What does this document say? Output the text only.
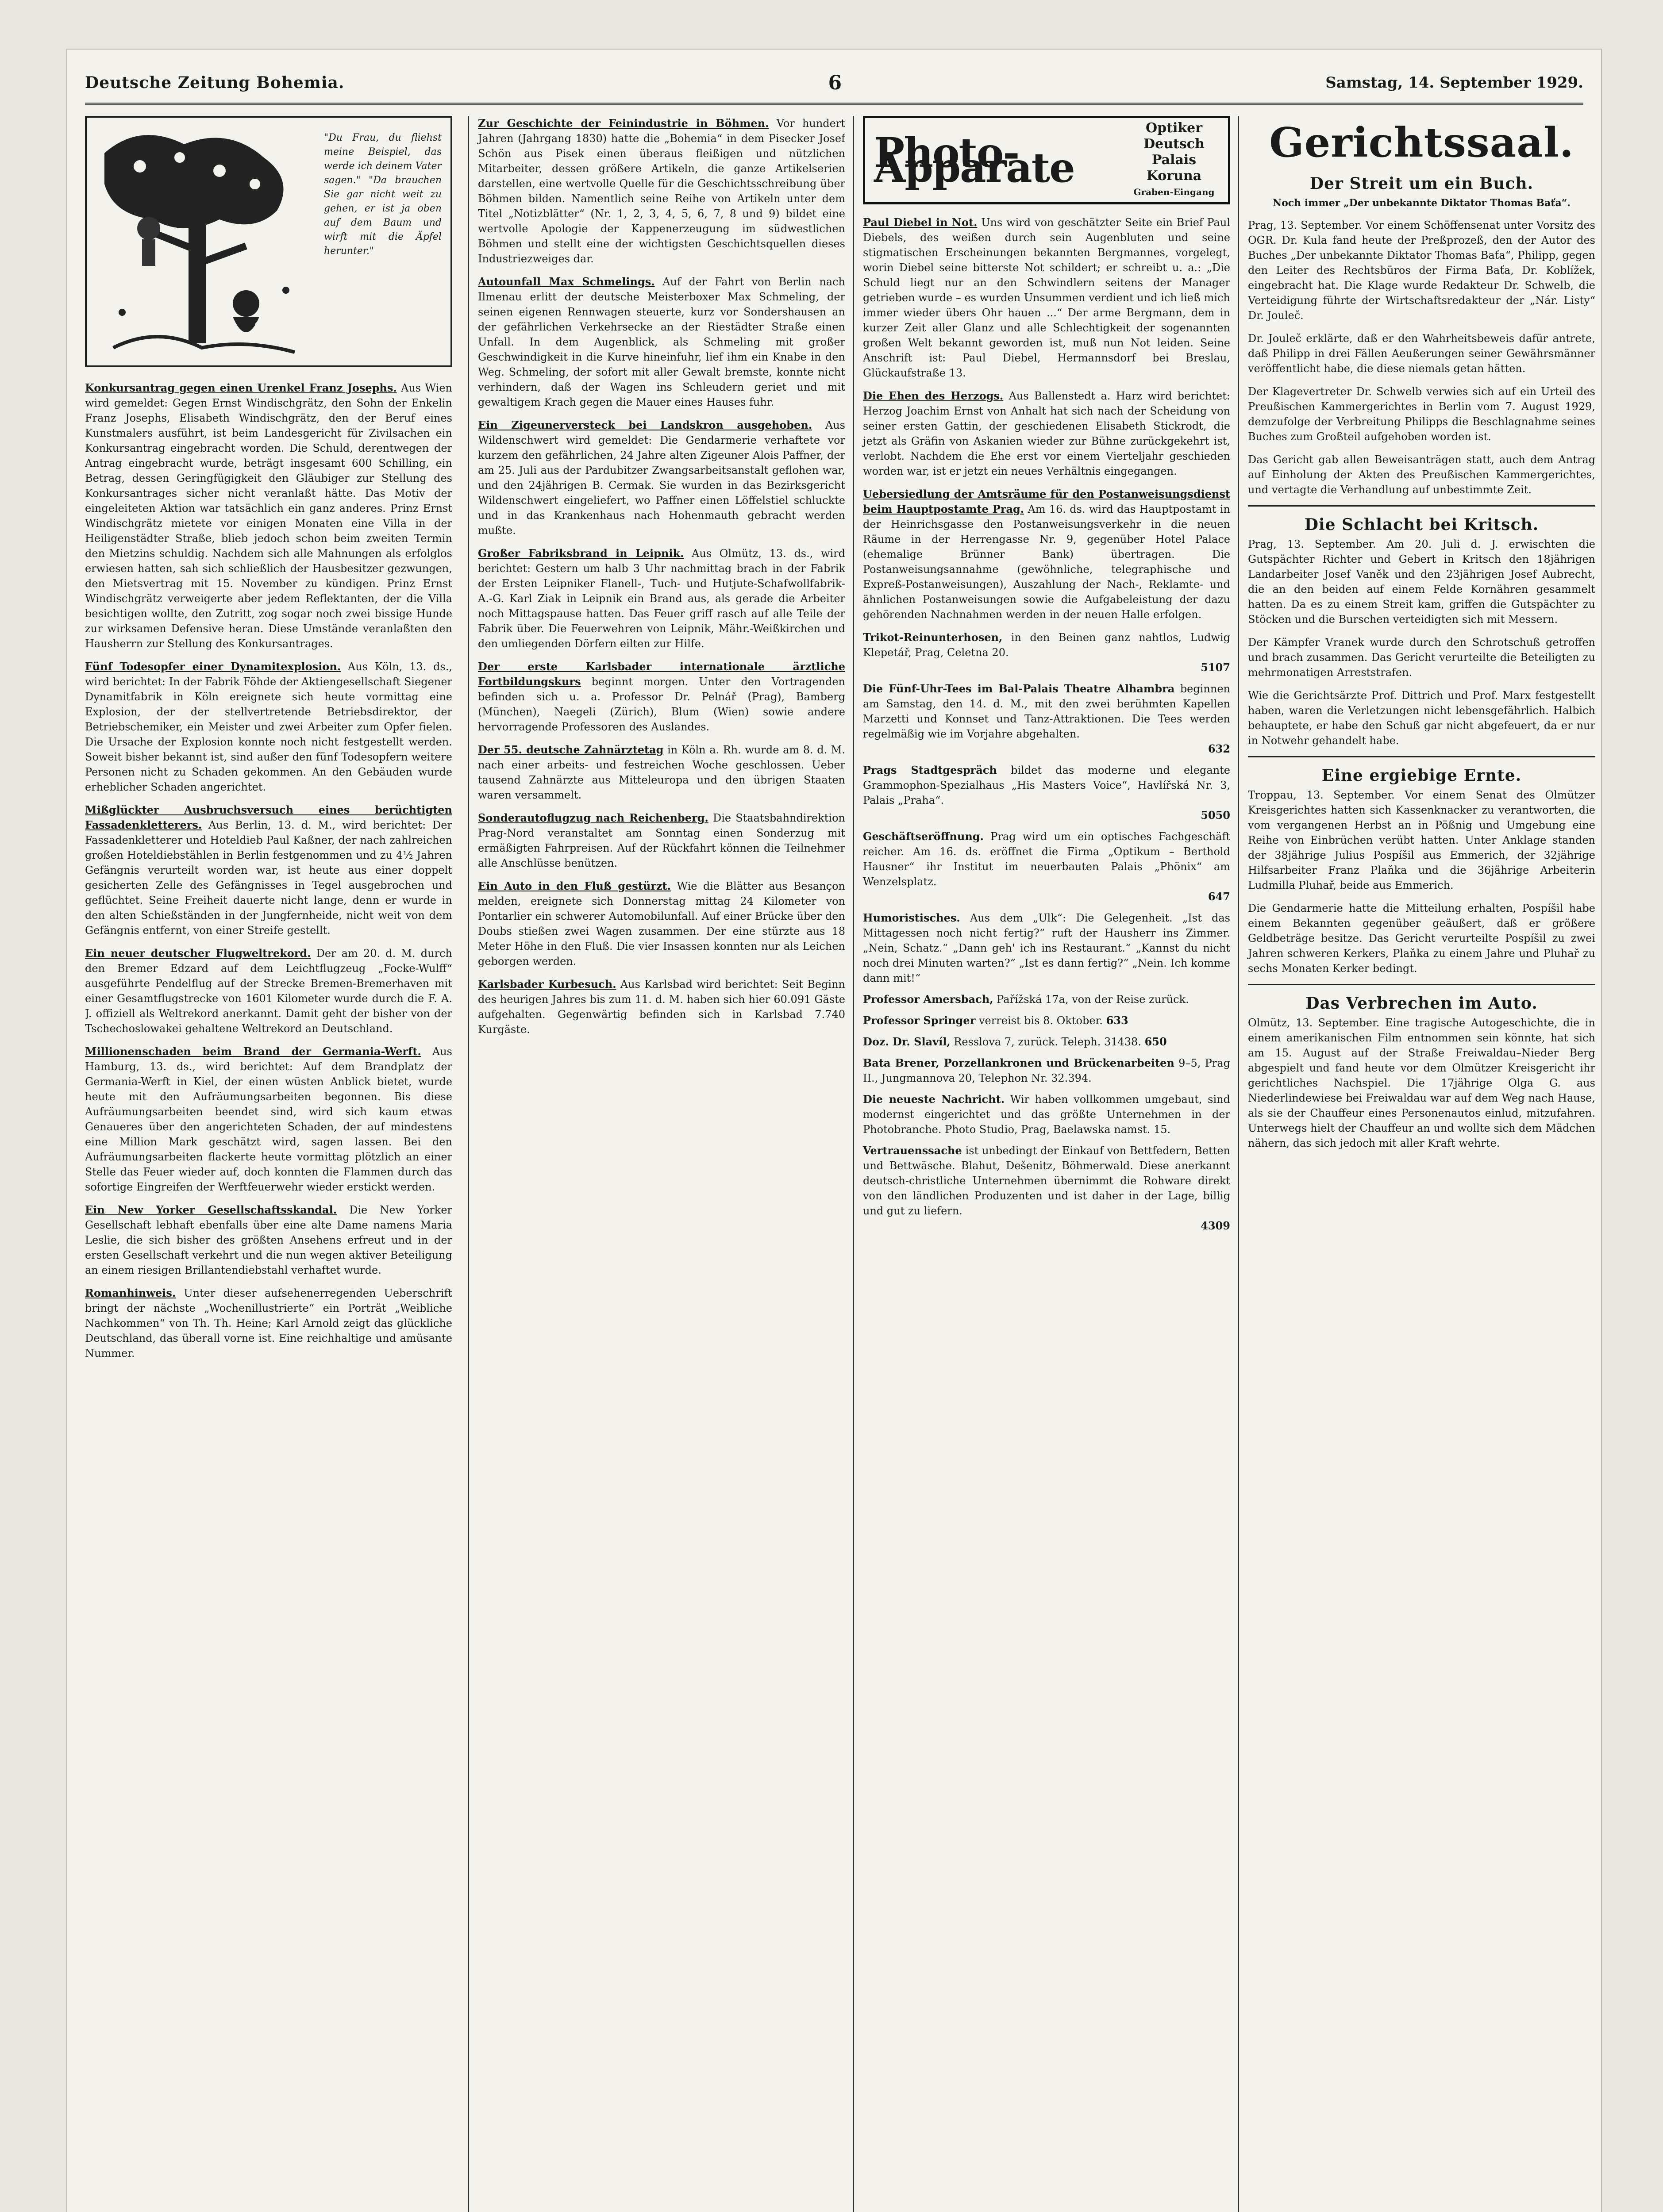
Deutsche Zeitung Bohemia.	6	Samstag, 14. September 1929.
"Du Frau, du fliehst meine Beispiel, das werde ich deinem Vater sagen." "Da brauchen Sie gar nicht weit zu gehen, er ist ja oben auf dem Baum und wirft mit die Äpfel herunter."
Konkursantrag gegen einen Urenkel Franz Josephs. Aus Wien wird gemeldet: Gegen Ernst Windischgrätz, den Sohn der Enkelin Franz Josephs, Elisabeth Windischgrätz, den der Beruf eines Kunstmalers ausführt, ist beim Landesgericht für Zivilsachen ein Konkursantrag eingebracht worden. Die Schuld, derentwegen der Antrag eingebracht wurde, beträgt insgesamt 600 Schilling, ein Betrag, dessen Geringfügigkeit den Gläubiger zur Stellung des Konkursantrages sicher nicht veranlaßt hätte. Das Motiv der eingeleiteten Aktion war tatsächlich ein ganz anderes. Prinz Ernst Windischgrätz mietete vor einigen Monaten eine Villa in der Heiligenstädter Straße, blieb jedoch schon beim zweiten Termin den Mietzins schuldig. Nachdem sich alle Mahnungen als erfolglos erwiesen hatten, sah sich schließlich der Hausbesitzer gezwungen, den Mietsvertrag mit 15. November zu kündigen. Prinz Ernst Windischgrätz verweigerte aber jedem Reflektanten, der die Villa besichtigen wollte, den Zutritt, zog sogar noch zwei bissige Hunde zur wirksamen Defensive heran. Diese Umstände veranlaßten den Hausherrn zur Stellung des Konkursantrages.
Fünf Todesopfer einer Dynamitexplosion. Aus Köln, 13. ds., wird berichtet: In der Fabrik Föhde der Aktiengesellschaft Siegener Dynamitfabrik in Köln ereignete sich heute vormittag eine Explosion, der der stellvertretende Betriebsdirektor, der Betriebschemiker, ein Meister und zwei Arbeiter zum Opfer fielen. Die Ursache der Explosion konnte noch nicht festgestellt werden. Soweit bisher bekannt ist, sind außer den fünf Todesopfern weitere Personen nicht zu Schaden gekommen. An den Gebäuden wurde erheblicher Schaden angerichtet.
Mißglückter Ausbruchsversuch eines berüchtigten Fassadenkletterers. Aus Berlin, 13. d. M., wird berichtet: Der Fassadenkletterer und Hoteldieb Paul Kaßner, der nach zahlreichen großen Hoteldiebstählen in Berlin festgenommen und zu 4½ Jahren Gefängnis verurteilt worden war, ist heute aus einer doppelt gesicherten Zelle des Gefängnisses in Tegel ausgebrochen und geflüchtet. Seine Freiheit dauerte nicht lange, denn er wurde in den alten Schießständen in der Jungfernheide, nicht weit von dem Gefängnis entfernt, von einer Streife gestellt.
Ein neuer deutscher Flugweltrekord. Der am 20. d. M. durch den Bremer Edzard auf dem Leichtflugzeug „Focke-Wulff“ ausgeführte Pendelflug auf der Strecke Bremen-Bremerhaven mit einer Gesamtflugstrecke von 1601 Kilometer wurde durch die F. A. J. offiziell als Weltrekord anerkannt. Damit geht der bisher von der Tschechoslowakei gehaltene Weltrekord an Deutschland.
Millionenschaden beim Brand der Germania-Werft. Aus Hamburg, 13. ds., wird berichtet: Auf dem Brandplatz der Germania-Werft in Kiel, der einen wüsten Anblick bietet, wurde heute mit den Aufräumungsarbeiten begonnen. Bis diese Aufräumungsarbeiten beendet sind, wird sich kaum etwas Genaueres über den angerichteten Schaden, der auf mindestens eine Million Mark geschätzt wird, sagen lassen. Bei den Aufräumungsarbeiten flackerte heute vormittag plötzlich an einer Stelle das Feuer wieder auf, doch konnten die Flammen durch das sofortige Eingreifen der Werftfeuerwehr wieder erstickt werden.
Ein New Yorker Gesellschaftsskandal. Die New Yorker Gesellschaft lebhaft ebenfalls über eine alte Dame namens Maria Leslie, die sich bisher des größten Ansehens erfreut und in der ersten Gesellschaft verkehrt und die nun wegen aktiver Beteiligung an einem riesigen Brillantendiebstahl verhaftet wurde.
Romanhinweis. Unter dieser aufsehenerregenden Ueberschrift bringt der nächste „Wochenillustrierte“ ein Porträt „Weibliche Nachkommen“ von Th. Th. Heine; Karl Arnold zeigt das glückliche Deutschland, das überall vorne ist. Eine reichhaltige und amüsante Nummer.
Zur Geschichte der Feinindustrie in Böhmen. Vor hundert Jahren (Jahrgang 1830) hatte die „Bohemia“ in dem Pisecker Josef Schön aus Pisek einen überaus fleißigen und nützlichen Mitarbeiter, dessen größere Artikeln, die ganze Artikelserien darstellen, eine wertvolle Quelle für die Geschichtsschreibung über Böhmen bilden. Namentlich seine Reihe von Artikeln unter dem Titel „Notizblätter“ (Nr. 1, 2, 3, 4, 5, 6, 7, 8 und 9) bildet eine wertvolle Apologie der Kappenerzeugung im südwestlichen Böhmen und stellt eine der wichtigsten Geschichtsquellen dieses Industriezweiges dar.
Autounfall Max Schmelings. Auf der Fahrt von Berlin nach Ilmenau erlitt der deutsche Meisterboxer Max Schmeling, der seinen eigenen Rennwagen steuerte, kurz vor Sondershausen an der gefährlichen Verkehrsecke an der Riestädter Straße einen Unfall. In dem Augenblick, als Schmeling mit großer Geschwindigkeit in die Kurve hineinfuhr, lief ihm ein Knabe in den Weg. Schmeling, der sofort mit aller Gewalt bremste, konnte nicht verhindern, daß der Wagen ins Schleudern geriet und mit gewaltigem Krach gegen die Mauer eines Hauses fuhr.
Ein Zigeunerversteck bei Landskron ausgehoben. Aus Wildenschwert wird gemeldet: Die Gendarmerie verhaftete vor kurzem den gefährlichen, 24 Jahre alten Zigeuner Alois Paffner, der am 25. Juli aus der Pardubitzer Zwangsarbeitsanstalt geflohen war, und den 24jährigen B. Cermak. Sie wurden in das Bezirksgericht Wildenschwert eingeliefert, wo Paffner einen Löffelstiel schluckte und in das Krankenhaus nach Hohenmauth gebracht werden mußte.
Großer Fabriksbrand in Leipnik. Aus Olmütz, 13. ds., wird berichtet: Gestern um halb 3 Uhr nachmittag brach in der Fabrik der Ersten Leipniker Flanell-, Tuch- und Hutjute-Schafwollfabrik-A.-G. Karl Ziak in Leipnik ein Brand aus, als gerade die Arbeiter noch Mittagspause hatten. Das Feuer griff rasch auf alle Teile der Fabrik über. Die Feuerwehren von Leipnik, Mähr.-Weißkirchen und den umliegenden Dörfern eilten zur Hilfe.
Der erste Karlsbader internationale ärztliche Fortbildungskurs beginnt morgen. Unter den Vortragenden befinden sich u. a. Professor Dr. Pelnář (Prag), Bamberg (München), Naegeli (Zürich), Blum (Wien) sowie andere hervorragende Professoren des Auslandes.
Der 55. deutsche Zahnärztetag in Köln a. Rh. wurde am 8. d. M. nach einer arbeits- und festreichen Woche geschlossen. Ueber tausend Zahnärzte aus Mitteleuropa und den übrigen Staaten waren versammelt.
Sonderautoflugzug nach Reichenberg. Die Staatsbahndirektion Prag-Nord veranstaltet am Sonntag einen Sonderzug mit ermäßigten Fahrpreisen. Auf der Rückfahrt können die Teilnehmer alle Anschlüsse benützen.
Ein Auto in den Fluß gestürzt. Wie die Blätter aus Besançon melden, ereignete sich Donnerstag mittag 24 Kilometer von Pontarlier ein schwerer Automobilunfall. Auf einer Brücke über den Doubs stießen zwei Wagen zusammen. Der eine stürzte aus 18 Meter Höhe in den Fluß. Die vier Insassen konnten nur als Leichen geborgen werden.
Karlsbader Kurbesuch. Aus Karlsbad wird berichtet: Seit Beginn des heurigen Jahres bis zum 11. d. M. haben sich hier 60.091 Gäste aufgehalten. Gegenwärtig befinden sich in Karlsbad 7.740 Kurgäste.
Photo-Apparate
Optiker Deutsch
Palais Koruna
Graben-Eingang
Paul Diebel in Not. Uns wird von geschätzter Seite ein Brief Paul Diebels, des weißen durch sein Augenbluten und seine stigmatischen Erscheinungen bekannten Bergmannes, vorgelegt, worin Diebel seine bitterste Not schildert; er schreibt u. a.: „Die Schuld liegt nur an den Schwindlern seitens der Manager getrieben wurde – es wurden Unsummen verdient und ich ließ mich immer wieder übers Ohr hauen ...“ Der arme Bergmann, dem in kurzer Zeit aller Glanz und alle Schlechtigkeit der sogenannten großen Welt bekannt geworden ist, muß nun Not leiden. Seine Anschrift ist: Paul Diebel, Hermannsdorf bei Breslau, Glückaufstraße 13.
Die Ehen des Herzogs. Aus Ballenstedt a. Harz wird berichtet: Herzog Joachim Ernst von Anhalt hat sich nach der Scheidung von seiner ersten Gattin, der geschiedenen Elisabeth Stickrodt, die jetzt als Gräfin von Askanien wieder zur Bühne zurückgekehrt ist, verlobt. Nachdem die Ehe erst vor einem Vierteljahr geschieden worden war, ist er jetzt ein neues Verhältnis eingegangen.
Uebersiedlung der Amtsräume für den Postanweisungsdienst beim Hauptpostamte Prag. Am 16. ds. wird das Hauptpostamt in der Heinrichsgasse den Postanweisungsverkehr in die neuen Räume in der Herrengasse Nr. 9, gegenüber Hotel Palace (ehemalige Brünner Bank) übertragen. Die Postanweisungsannahme (gewöhnliche, telegraphische und Expreß-Postanweisungen), Auszahlung der Nach-, Reklamte- und ähnlichen Postanweisungen sowie die Aufgabeleistung der dazu gehörenden Nachnahmen werden in der neuen Halle erfolgen.
Trikot-Reinunterhosen, in den Beinen ganz nahtlos, Ludwig Klepetář, Prag, Celetna 20.
5107
Die Fünf-Uhr-Tees im Bal-Palais Theatre Alhambra beginnen am Samstag, den 14. d. M., mit den zwei berühmten Kapellen Marzetti und Konnset und Tanz-Attraktionen. Die Tees werden regelmäßig wie im Vorjahre abgehalten.
632
Prags Stadtgespräch bildet das moderne und elegante Grammophon-Spezialhaus „His Masters Voice“, Havlířská Nr. 3, Palais „Praha“.
5050
Geschäftseröffnung. Prag wird um ein optisches Fachgeschäft reicher. Am 16. ds. eröffnet die Firma „Optikum – Berthold Hausner“ ihr Institut im neuerbauten Palais „Phönix“ am Wenzelsplatz.
647
Humoristisches. Aus dem „Ulk“: Die Gelegenheit. „Ist das Mittagessen noch nicht fertig?“ ruft der Hausherr ins Zimmer. „Nein, Schatz.“ „Dann geh' ich ins Restaurant.“ „Kannst du nicht noch drei Minuten warten?“ „Ist es dann fertig?“ „Nein. Ich komme dann mit!“
Professor Amersbach, Pařížská 17a, von der Reise zurück.
Professor Springer verreist bis 8. Oktober. 633
Doz. Dr. Slavíl, Resslova 7, zurück. Teleph. 31438. 650
Bata Brener, Porzellankronen und Brückenarbeiten 9–5, Prag II., Jungmannova 20, Telephon Nr. 32.394.
Die neueste Nachricht. Wir haben vollkommen umgebaut, sind modernst eingerichtet und das größte Unternehmen in der Photobranche. Photo Studio, Prag, Baelawska namst. 15.
Vertrauenssache ist unbedingt der Einkauf von Bettfedern, Betten und Bettwäsche. Blahut, Dešenitz, Böhmerwald. Diese anerkannt deutsch-christliche Unternehmen übernimmt die Rohware direkt von den ländlichen Produzenten und ist daher in der Lage, billig und gut zu liefern.
4309
Gerichtssaal.
Der Streit um ein Buch.
Noch immer „Der unbekannte Diktator Thomas Baťa“.
Prag, 13. September. Vor einem Schöffensenat unter Vorsitz des OGR. Dr. Kula fand heute der Preßprozeß, den der Autor des Buches „Der unbekannte Diktator Thomas Baťa“, Philipp, gegen den Leiter des Rechtsbüros der Firma Baťa, Dr. Koblížek, eingebracht hat. Die Klage wurde Redakteur Dr. Schwelb, die Verteidigung führte der Wirtschaftsredakteur der „Nár. Listy“ Dr. Jouleč.
Dr. Jouleč erklärte, daß er den Wahrheitsbeweis dafür antrete, daß Philipp in drei Fällen Aeußerungen seiner Gewährsmänner veröffentlicht habe, die diese niemals getan hätten.
Der Klagevertreter Dr. Schwelb verwies sich auf ein Urteil des Preußischen Kammergerichtes in Berlin vom 7. August 1929, demzufolge der Verbreitung Philipps die Beschlagnahme seines Buches zum Großteil aufgehoben worden ist.
Das Gericht gab allen Beweisanträgen statt, auch dem Antrag auf Einholung der Akten des Preußischen Kammergerichtes, und vertagte die Verhandlung auf unbestimmte Zeit.
Die Schlacht bei Kritsch.
Prag, 13. September. Am 20. Juli d. J. erwischten die Gutspächter Richter und Gebert in Kritsch den 18jährigen Landarbeiter Josef Vaněk und den 23jährigen Josef Aubrecht, die an den beiden auf einem Felde Kornähren gesammelt hatten. Da es zu einem Streit kam, griffen die Gutspächter zu Stöcken und die Burschen verteidigten sich mit Messern.
Der Kämpfer Vranek wurde durch den Schrotschuß getroffen und brach zusammen. Das Gericht verurteilte die Beteiligten zu mehrmonatigen Arreststrafen.
Wie die Gerichtsärzte Prof. Dittrich und Prof. Marx festgestellt haben, waren die Verletzungen nicht lebensgefährlich. Halbich behauptete, er habe den Schuß gar nicht abgefeuert, da er nur in Notwehr gehandelt habe.
Eine ergiebige Ernte.
Troppau, 13. September. Vor einem Senat des Olmützer Kreisgerichtes hatten sich Kassenknacker zu verantworten, die vom vergangenen Herbst an in Pößnig und Umgebung eine Reihe von Einbrüchen verübt hatten. Unter Anklage standen der 38jährige Julius Pospíšil aus Emmerich, der 32jährige Hilfsarbeiter Franz Plaňka und die 36jährige Arbeiterin Ludmilla Pluhař, beide aus Emmerich.
Die Gendarmerie hatte die Mitteilung erhalten, Pospíšil habe einem Bekannten gegenüber geäußert, daß er größere Geldbeträge besitze. Das Gericht verurteilte Pospíšil zu zwei Jahren schweren Kerkers, Plaňka zu einem Jahre und Pluhař zu sechs Monaten Kerker bedingt.
Das Verbrechen im Auto.
Olmütz, 13. September. Eine tragische Autogeschichte, die in einem amerikanischen Film entnommen sein könnte, hat sich am 15. August auf der Straße Freiwaldau–Nieder Berg abgespielt und fand heute vor dem Olmützer Kreisgericht ihr gerichtliches Nachspiel. Die 17jährige Olga G. aus Niederlindewiese bei Freiwaldau war auf dem Weg nach Hause, als sie der Chauffeur eines Personenautos einlud, mitzufahren. Unterwegs hielt der Chauffeur an und wollte sich dem Mädchen nähern, das sich jedoch mit aller Kraft wehrte.
